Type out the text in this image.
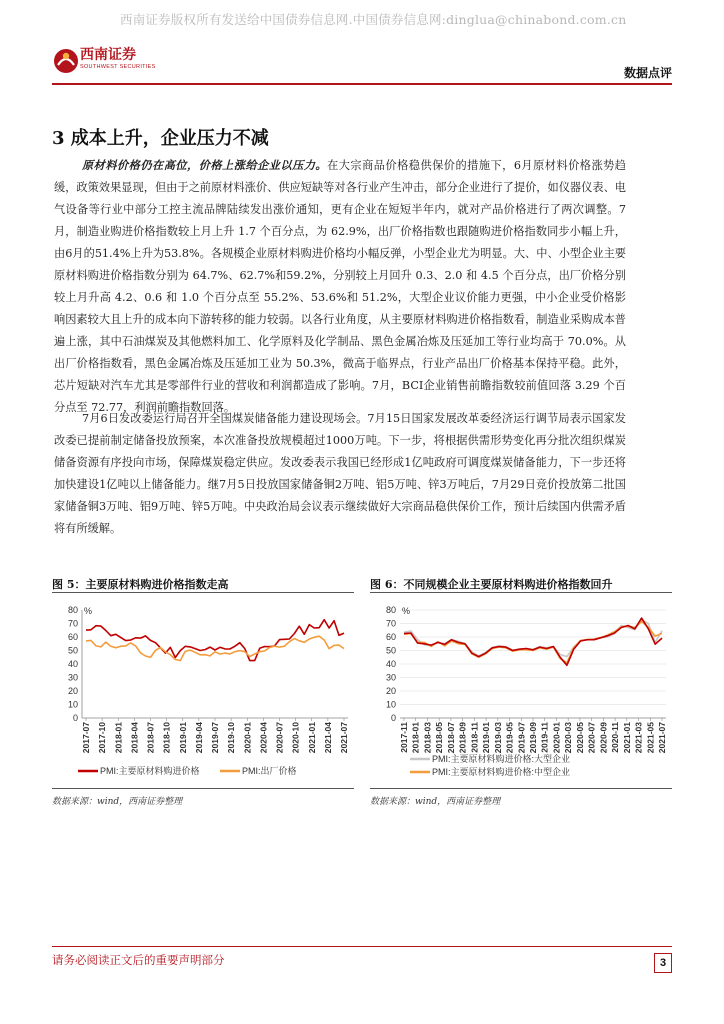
西南证券版权所有发送给中国债券信息网.中国债券信息网:dinglua@chinabond.com.cn
西南证券
SOUTHWEST SECURITIES	数据点评
3 成本上升，企业压力不减
原材料价格仍在高位，价格上涨给企业以压力。在大宗商品价格稳供保价的措施下，6月原材料价格涨势趋缓，政策效果显现，但由于之前原材料涨价、供应短缺等对各行业产生冲击，部分企业进行了提价，如仪器仪表、电气设备等行业中部分工控主流品牌陆续发出涨价通知，更有企业在短短半年内，就对产品价格进行了两次调整。7月，制造业购进价格指数较上月上升 1.7 个百分点，为 62.9%，出厂价格指数也跟随购进价格指数同步小幅上升，由6月的51.4%上升为53.8%。各规模企业原材料购进价格均小幅反弹，小型企业尤为明显。大、中、小型企业主要原材料购进价格指数分别为 64.7%、62.7%和59.2%，分别较上月回升 0.3、2.0 和 4.5 个百分点，出厂价格分别较上月升高 4.2、0.6 和 1.0 个百分点至 55.2%、53.6%和 51.2%，大型企业议价能力更强，中小企业受价格影响因素较大且上升的成本向下游转移的能力较弱。以各行业角度，从主要原材料购进价格指数看，制造业采购成本普遍上涨，其中石油煤炭及其他燃料加工、化学原料及化学制品、黑色金属冶炼及压延加工等行业均高于 70.0%。从出厂价格指数看，黑色金属冶炼及压延加工业为 50.3%，微高于临界点，行业产品出厂价格基本保持平稳。此外，芯片短缺对汽车尤其是零部件行业的营收和利润都造成了影响。7月，BCI企业销售前瞻指数较前值回落 3.29 个百分点至 72.77，利润前瞻指数回落。
7月6日发改委运行局召开全国煤炭储备能力建设现场会。7月15日国家发展改革委经济运行调节局表示国家发改委已提前制定储备投放预案，本次准备投放规模超过1000万吨。下一步，将根据供需形势变化再分批次组织煤炭储备资源有序投向市场，保障煤炭稳定供应。发改委表示我国已经形成1亿吨政府可调度煤炭储备能力，下一步还将加快建设1亿吨以上储备能力。继7月5日投放国家储备铜2万吨、铝5万吨、锌3万吨后，7月29日竞价投放第二批国家储备铜3万吨、铝9万吨、锌5万吨。中央政治局会议表示继续做好大宗商品稳供保价工作，预计后续国内供需矛盾将有所缓解。
图 5：主要原材料购进价格指数走高
0
10
20
30
40
50
60
70
80 %
2017-07 2017-10 2018-01 2018-04 2018-07 2018-10 2019-01 2019-04 2019-07 2019-10 2020-01 2020-04 2020-07 2020-10 2021-01 2021-04 2021-07
PMI:主要原材料购进价格	PMI:出厂价格
数据来源：wind，西南证券整理
图 6：不同规模企业主要原材料购进价格指数回升
0
10
20
30
40
50
60
70
80 %
2017-11 2018-01 2018-03 2018-05 2018-07 2018-09 2018-11 2019-01 2019-03 2019-05 2019-07 2019-09 2019-11 2020-01 2020-03 2020-05 2020-07 2020-09 2020-11 2021-01 2021-03 2021-05 2021-07
PMI:主要原材料购进价格:大型企业
PMI:主要原材料购进价格:中型企业
数据来源：wind，西南证券整理
请务必阅读正文后的重要声明部分	3
